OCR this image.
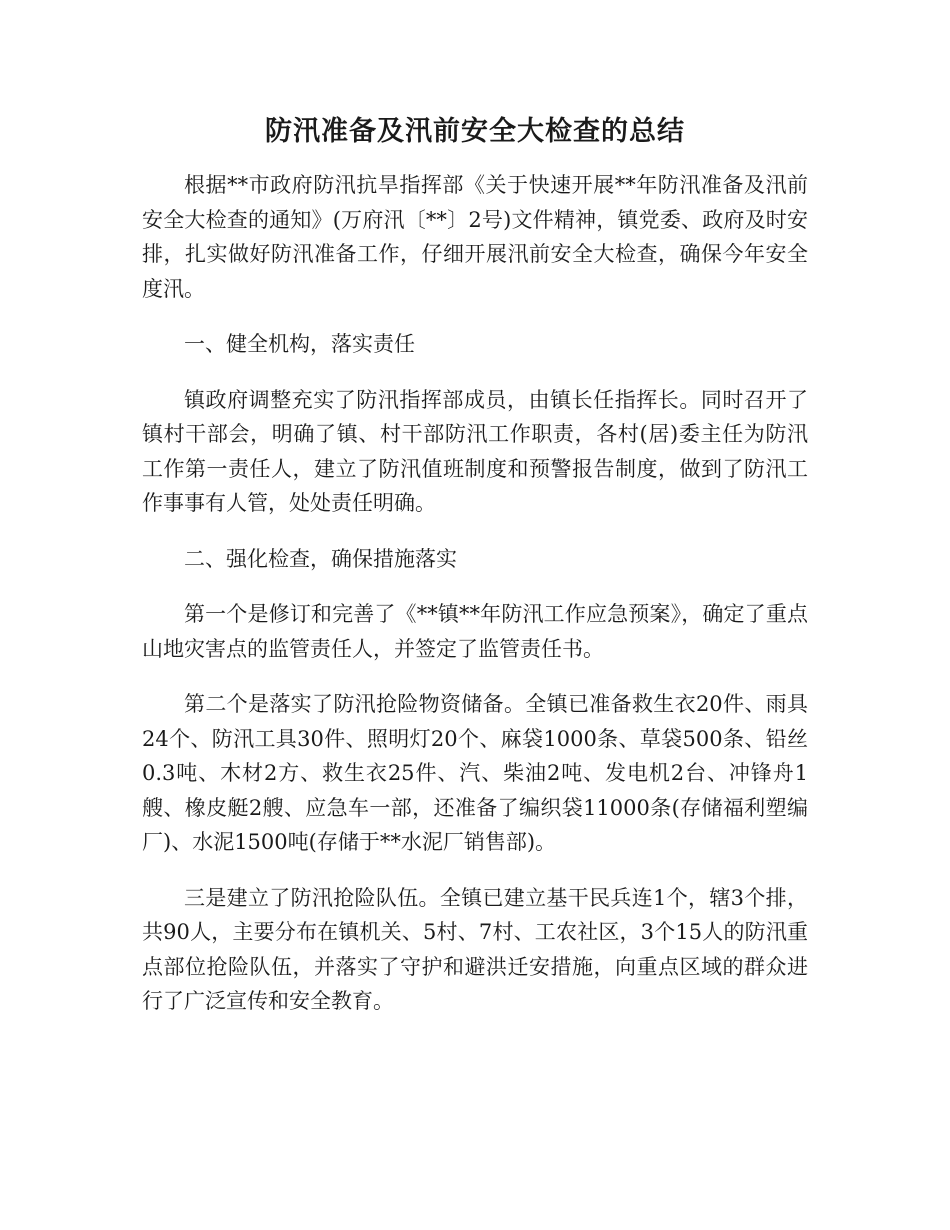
防汛准备及汛前安全大检查的总结

根据**市政府防汛抗旱指挥部《关于快速开展**年防汛准备及汛前安全大检查的通知》(万府汛〔**〕2号)文件精神，镇党委、政府及时安排，扎实做好防汛准备工作，仔细开展汛前安全大检查，确保今年安全度汛。

一、健全机构，落实责任

镇政府调整充实了防汛指挥部成员，由镇长任指挥长。同时召开了镇村干部会，明确了镇、村干部防汛工作职责，各村(居)委主任为防汛工作第一责任人，建立了防汛值班制度和预警报告制度，做到了防汛工作事事有人管，处处责任明确。

二、强化检查，确保措施落实

第一个是修订和完善了《**镇**年防汛工作应急预案》，确定了重点山地灾害点的监管责任人，并签定了监管责任书。

第二个是落实了防汛抢险物资储备。全镇已准备救生衣20件、雨具24个、防汛工具30件、照明灯20个、麻袋1000条、草袋500条、铅丝0.3吨、木材2方、救生衣25件、汽、柴油2吨、发电机2台、冲锋舟1艘、橡皮艇2艘、应急车一部，还准备了编织袋11000条(存储福利塑编厂)、水泥1500吨(存储于**水泥厂销售部)。

三是建立了防汛抢险队伍。全镇已建立基干民兵连1个，辖3个排，共90人，主要分布在镇机关、5村、7村、工农社区，3个15人的防汛重点部位抢险队伍，并落实了守护和避洪迁安措施，向重点区域的群众进行了广泛宣传和安全教育。
